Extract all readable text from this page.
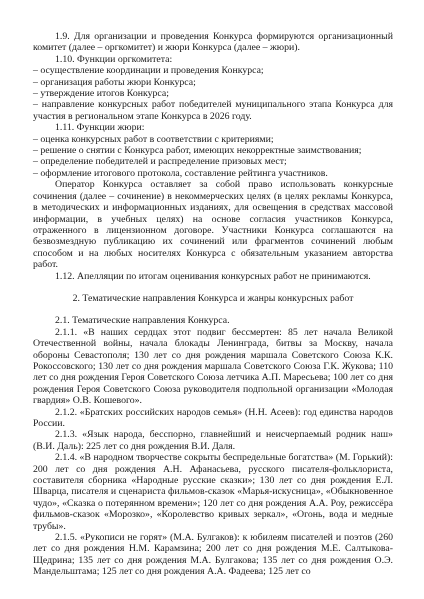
1.9. Для организации и проведения Конкурса формируются организационный комитет (далее – оргкомитет) и жюри Конкурса (далее – жюри).

1.10. Функции оргкомитета:

– осуществление координации и проведения Конкурса;

– организация работы жюри Конкурса;

– утверждение итогов Конкурса;

– направление конкурсных работ победителей муниципального этапа Конкурса для участия в региональном этапе Конкурса в 2026 году.

1.11. Функции жюри:

– оценка конкурсных работ в соответствии с критериями;

– решение о снятии с Конкурса работ, имеющих некорректные заимствования;

– определение победителей и распределение призовых мест;

– оформление итогового протокола, составление рейтинга участников.

Оператор Конкурса оставляет за собой право использовать конкурсные сочинения (далее – сочинение) в некоммерческих целях (в целях рекламы Конкурса, в методических и информационных изданиях, для освещения в средствах массовой информации, в учебных целях) на основе согласия участников Конкурса, отраженного в лицензионном договоре. Участники Конкурса соглашаются на безвозмездную публикацию их сочинений или фрагментов сочинений любым способом и на любых носителях Конкурса с обязательным указанием авторства работ.

1.12. Апелляции по итогам оценивания конкурсных работ не принимаются.

2. Тематические направления Конкурса и жанры конкурсных работ

2.1. Тематические направления Конкурса.

2.1.1. «В наших сердцах этот подвиг бессмертен: 85 лет начала Великой Отечественной войны, начала блокады Ленинграда, битвы за Москву, начала обороны Севастополя; 130 лет со дня рождения маршала Советского Союза К.К. Рокоссовского; 130 лет со дня рождения маршала Советского Союза Г.К. Жукова; 110 лет со дня рождения Героя Советского Союза летчика А.П. Маресьева; 100 лет со дня рождения Героя Советского Союза руководителя подпольной организации «Молодая гвардия» О.В. Кошевого».

2.1.2. «Братских российских народов семья» (Н.Н. Асеев): год единства народов России.

2.1.3. «Язык народа, бесспорно, главнейший и неисчерпаемый родник наш» (В.И. Даль): 225 лет со дня рождения В.И. Даля.

2.1.4. «В народном творчестве сокрыты беспредельные богатства» (М. Горький): 200 лет со дня рождения А.Н. Афанасьева, русского писателя-фольклориста, составителя сборника «Народные русские сказки»; 130 лет со дня рождения Е.Л. Шварца, писателя и сценариста фильмов-сказок «Марья-искусница», «Обыкновенное чудо», «Сказка о потерянном времени»; 120 лет со дня рождения А.А. Роу, режиссёра фильмов-сказок «Морозко», «Королевство кривых зеркал», «Огонь, вода и медные трубы».

2.1.5. «Рукописи не горят» (М.А. Булгаков): к юбилеям писателей и поэтов (260 лет со дня рождения Н.М. Карамзина; 200 лет со дня рождения М.Е. Салтыкова-Щедрина; 135 лет со дня рождения М.А. Булгакова; 135 лет со дня рождения О.Э. Мандельштама; 125 лет со дня рождения А.А. Фадеева; 125 лет со
